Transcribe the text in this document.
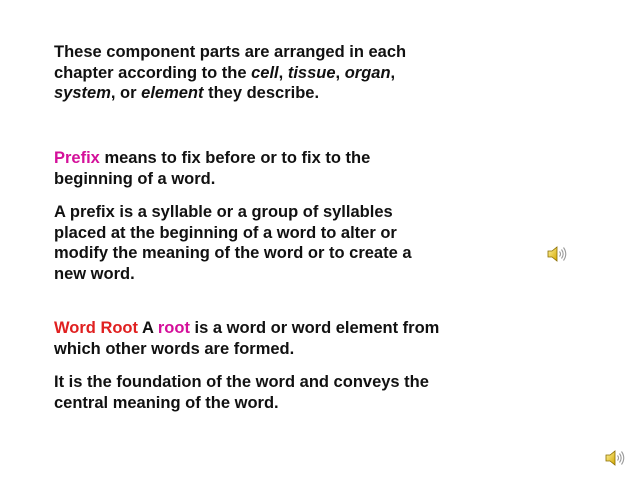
These component parts are arranged in each
chapter according to the cell, tissue, organ,
system, or element they describe.

Prefix means to fix before or to fix to the
beginning of a word.

A prefix is a syllable or a group of syllables
placed at the beginning of a word to alter or
modify the meaning of the word or to create a
new word.

Word Root A root is a word or word element from
which other words are formed.

It is the foundation of the word and conveys the
central meaning of the word.
